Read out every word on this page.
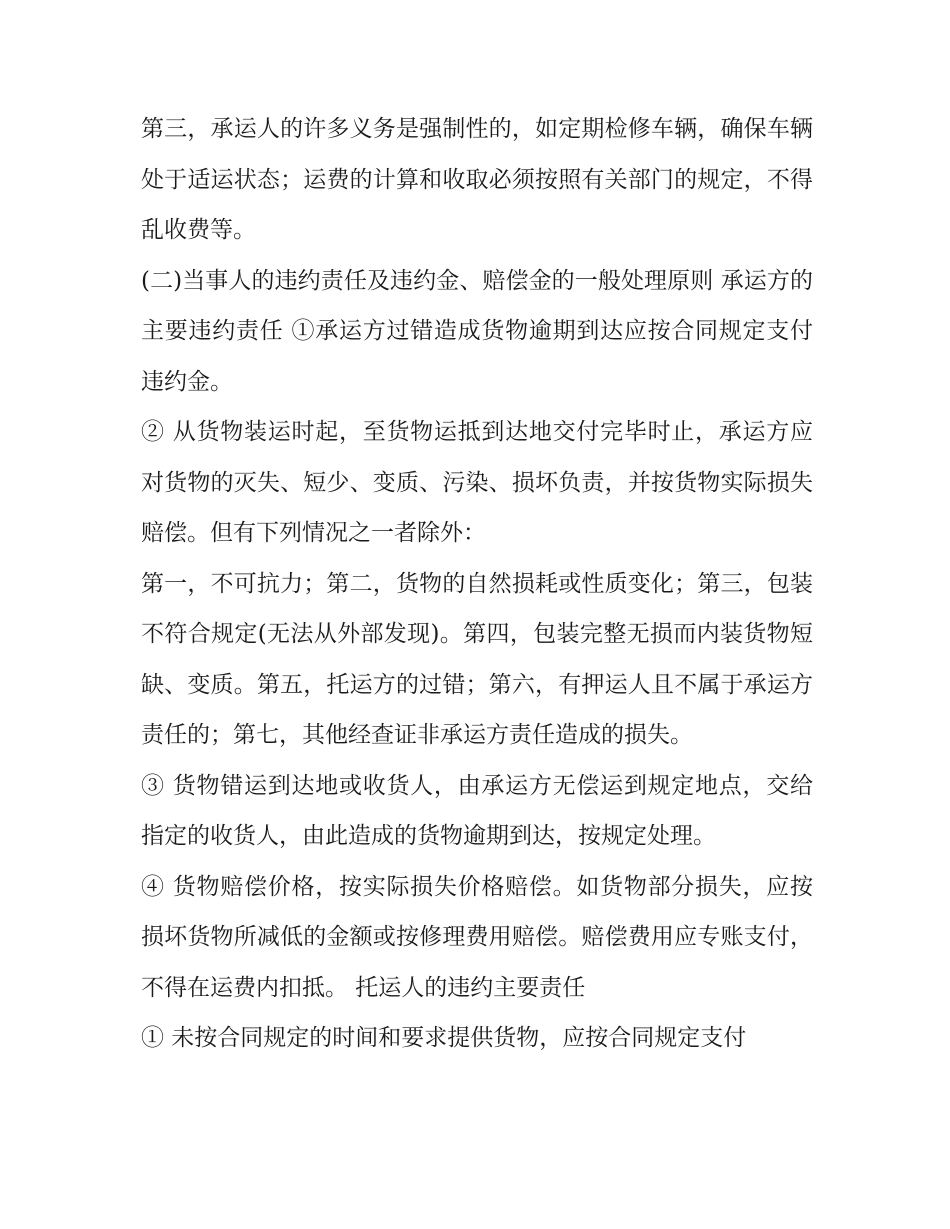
第三，承运人的许多义务是强制性的，如定期检修车辆，确保车辆处于适运状态；运费的计算和收取必须按照有关部门的规定，不得乱收费等。

(二)当事人的违约责任及违约金、赔偿金的一般处理原则 承运方的主要违约责任 ①承运方过错造成货物逾期到达应按合同规定支付违约金。

② 从货物装运时起，至货物运抵到达地交付完毕时止，承运方应对货物的灭失、短少、变质、污染、损坏负责，并按货物实际损失赔偿。但有下列情况之一者除外：

第一，不可抗力；第二，货物的自然损耗或性质变化；第三，包装不符合规定(无法从外部发现)。第四，包装完整无损而内装货物短缺、变质。第五，托运方的过错；第六，有押运人且不属于承运方责任的；第七，其他经查证非承运方责任造成的损失。

③ 货物错运到达地或收货人，由承运方无偿运到规定地点，交给指定的收货人，由此造成的货物逾期到达，按规定处理。

④ 货物赔偿价格，按实际损失价格赔偿。如货物部分损失，应按损坏货物所减低的金额或按修理费用赔偿。赔偿费用应专账支付，不得在运费内扣抵。 托运人的违约主要责任

① 未按合同规定的时间和要求提供货物，应按合同规定支付
